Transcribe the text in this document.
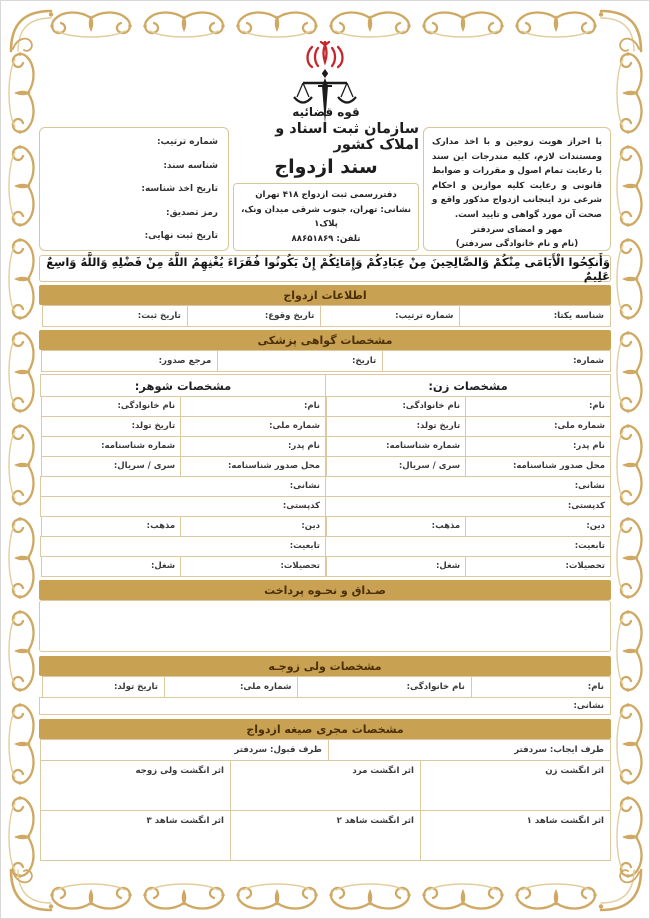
با احراز هویت زوجین و با اخذ مدارک ومستندات لازم، کلیه مندرجات این سند با رعایت تمام اصول و مقررات و ضوابط قانونی و رعایت کلیه موازین و احکام شرعی نزد اینجانب ازدواج مذکور واقع و صحت آن مورد گواهی و تایید است.
مهر و امضای سردفتر
(نام و نام خانوادگی سردفتر)
قوه قضائیه
سازمان ثبت اسناد و املاک کشور
سند ازدواج
دفتررسمی ثبت ازدواج ۴۱۸ تهران
نشانی: تهران، جنوب شرقی میدان ونک، پلاک۱
تلفن: ۸۸۶۵۱۸۶۹
شماره ترتیب:
شناسه سند:
تاریخ اخذ شناسه:
رمز تصدیق:
تاریخ ثبت نهایی:
وَأَنکِحُوا الْأَیَامَی مِنْکُمْ وَالصَّالِحِینَ مِنْ عِبَادِکُمْ وَإِمَائِکُمْ إِنْ یَکُونُوا فُقَرَاءَ یُغْنِهِمُ اللَّهُ مِنْ فَضْلِهِ وَاللَّهُ وَاسِعٌ عَلِیمٌ
اطلاعات ازدواج
شناسه یکتا:
شماره ترتیب:
تاریخ وقوع:
تاریخ ثبت:
مشخصات گواهی پزشکی
شماره:
تاریخ:
مرجع صدور:
مشخصات زن:
نام:
نام خانوادگی:
شماره ملی:
تاریخ تولد:
نام پدر:
شماره شناسنامه:
محل صدور شناسنامه:
سری / سریال:
نشانی:
کدپستی:
دین:
مذهب:
تابعیت:
تحصیلات:
شغل:
مشخصات شوهر:
نام:
نام خانوادگی:
شماره ملی:
تاریخ تولد:
نام پدر:
شماره شناسنامه:
محل صدور شناسنامه:
سری / سریال:
نشانی:
کدپستی:
دین:
مذهب:
تابعیت:
تحصیلات:
شغل:
صـداق و نحـوه پرداخت
مشخصات ولی زوجـه
نام:
نام خانوادگی:
شماره ملی:
تاریخ تولد:
نشانی:
مشخصات مجری صیغه ازدواج
طرف ایجاب: سردفتر
طرف قبول: سردفتر
اثر انگشت زن
اثر انگشت مرد
اثر انگشت ولی زوجه
اثر انگشت شاهد ۱
اثر انگشت شاهد ۲
اثر انگشت شاهد ۳
